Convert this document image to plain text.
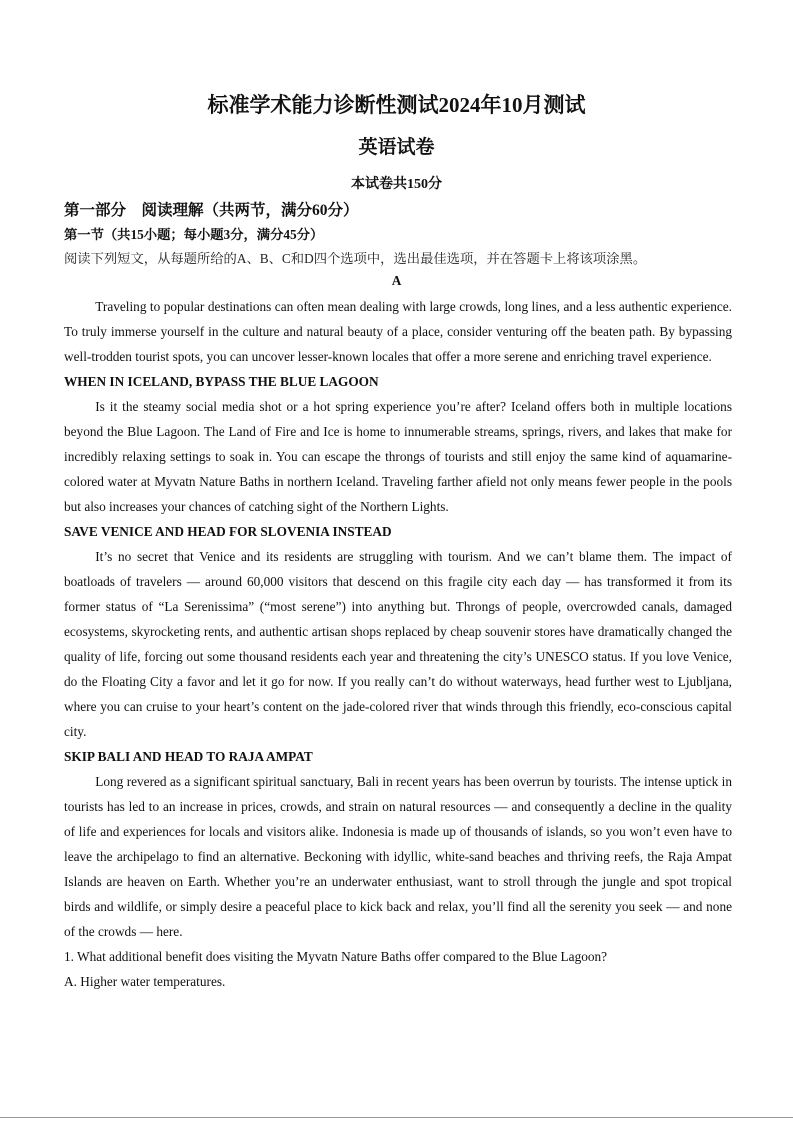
标准学术能力诊断性测试2024年10月测试
英语试卷
本试卷共150分
第一部分　阅读理解（共两节，满分60分）
第一节（共15小题；每小题3分，满分45分）
阅读下列短文，从每题所给的A、B、C和D四个选项中，选出最佳选项，并在答题卡上将该项涂黑。
A

Traveling to popular destinations can often mean dealing with large crowds, long lines, and a less authentic experience. To truly immerse yourself in the culture and natural beauty of a place, consider venturing off the beaten path. By bypassing well-trodden tourist spots, you can uncover lesser-known locales that offer a more serene and enriching travel experience.

WHEN IN ICELAND, BYPASS THE BLUE LAGOON

Is it the steamy social media shot or a hot spring experience you’re after? Iceland offers both in multiple locations beyond the Blue Lagoon. The Land of Fire and Ice is home to innumerable streams, springs, rivers, and lakes that make for incredibly relaxing settings to soak in. You can escape the throngs of tourists and still enjoy the same kind of aquamarine-colored water at Myvatn Nature Baths in northern Iceland. Traveling farther afield not only means fewer people in the pools but also increases your chances of catching sight of the Northern Lights.

SAVE VENICE AND HEAD FOR SLOVENIA INSTEAD

It’s no secret that Venice and its residents are struggling with tourism. And we can’t blame them. The impact of boatloads of travelers — around 60,000 visitors that descend on this fragile city each day — has transformed it from its former status of “La Serenissima” (“most serene”) into anything but. Throngs of people, overcrowded canals, damaged ecosystems, skyrocketing rents, and authentic artisan shops replaced by cheap souvenir stores have dramatically changed the quality of life, forcing out some thousand residents each year and threatening the city’s UNESCO status. If you love Venice, do the Floating City a favor and let it go for now. If you really can’t do without waterways, head further west to Ljubljana, where you can cruise to your heart’s content on the jade-colored river that winds through this friendly, eco-conscious capital city.

SKIP BALI AND HEAD TO RAJA AMPAT

Long revered as a significant spiritual sanctuary, Bali in recent years has been overrun by tourists. The intense uptick in tourists has led to an increase in prices, crowds, and strain on natural resources — and consequently a decline in the quality of life and experiences for locals and visitors alike. Indonesia is made up of thousands of islands, so you won’t even have to leave the archipelago to find an alternative. Beckoning with idyllic, white-sand beaches and thriving reefs, the Raja Ampat Islands are heaven on Earth. Whether you’re an underwater enthusiast, want to stroll through the jungle and spot tropical birds and wildlife, or simply desire a peaceful place to kick back and relax, you’ll find all the serenity you seek — and none of the crowds — here.

1. What additional benefit does visiting the Myvatn Nature Baths offer compared to the Blue Lagoon?
A. Higher water temperatures.
